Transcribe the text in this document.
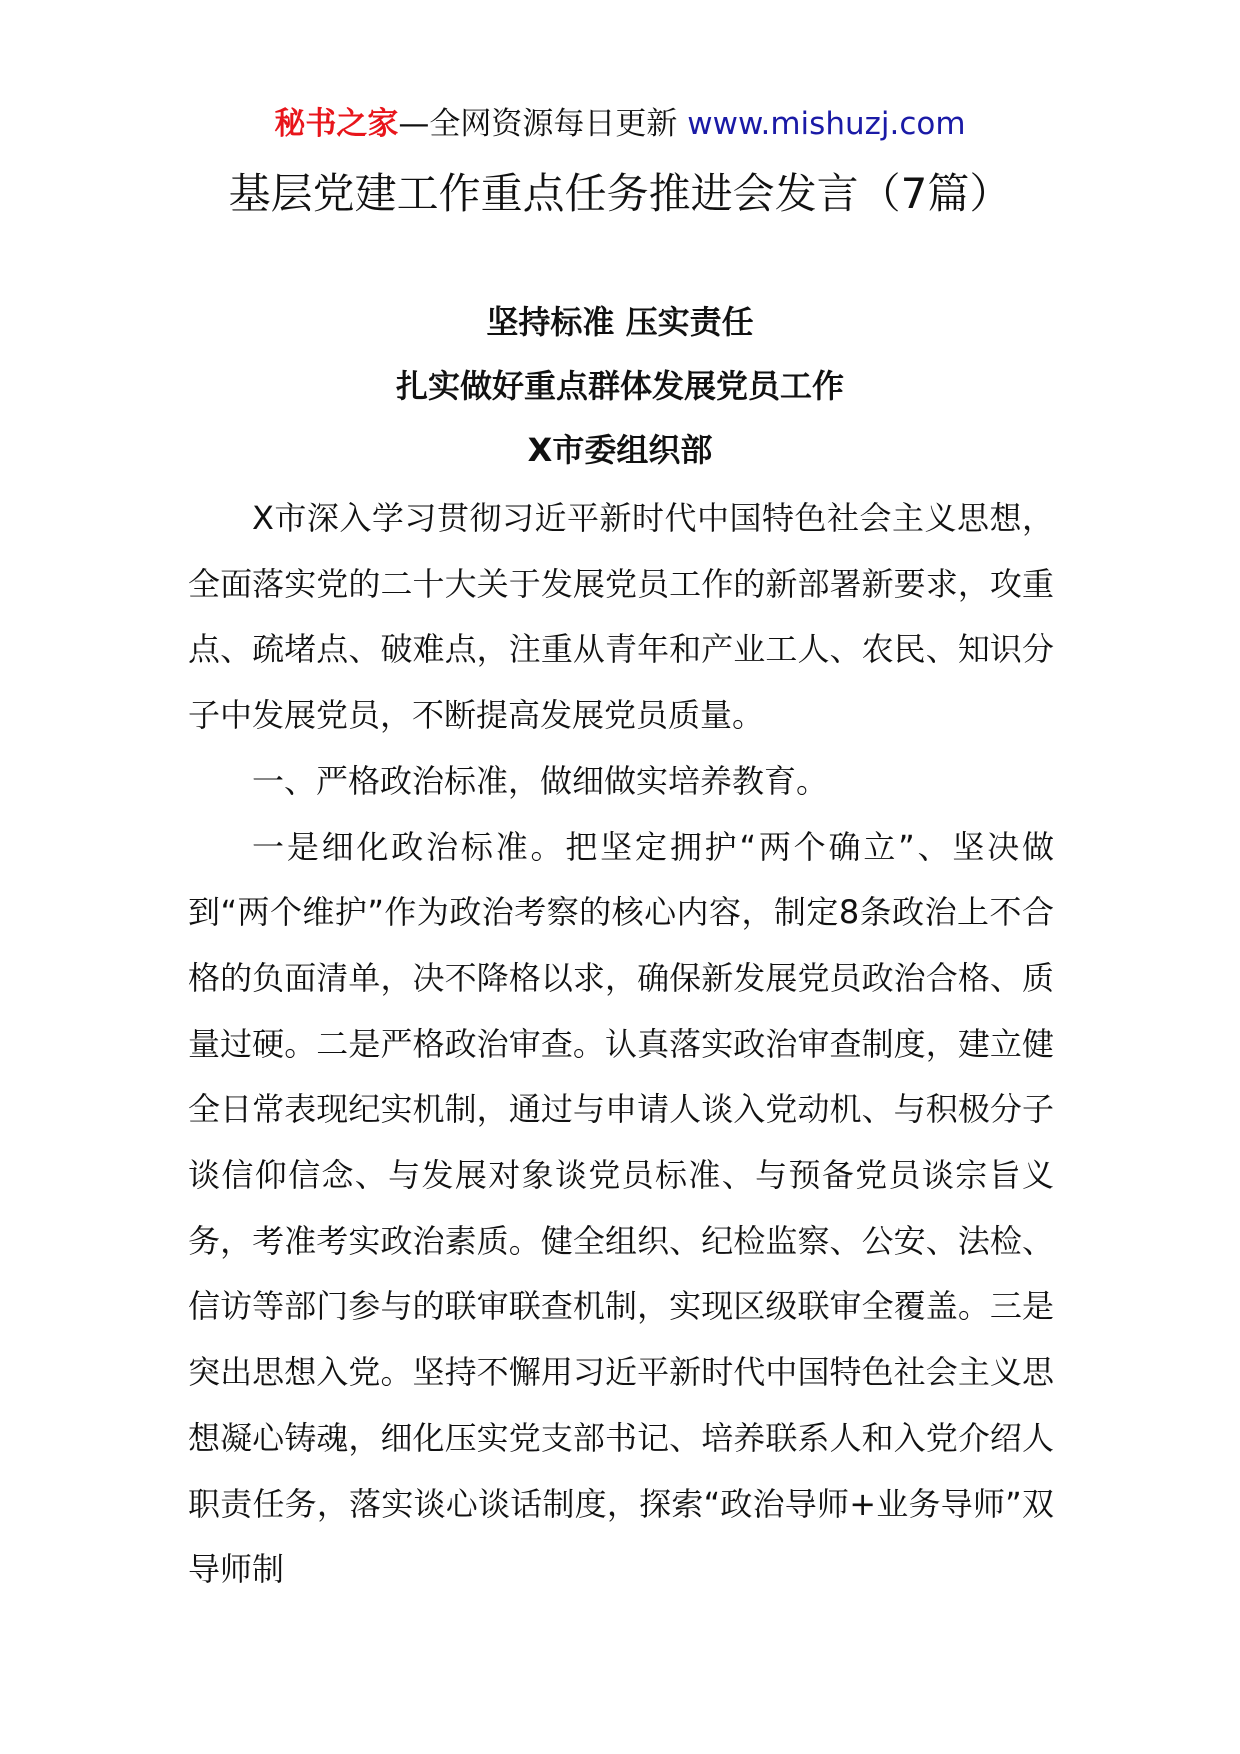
秘书之家—全网资源每日更新 www.mishuzj.com
基层党建工作重点任务推进会发言（7篇）
坚持标准 压实责任
扎实做好重点群体发展党员工作
X市委组织部

X市深入学习贯彻习近平新时代中国特色社会主义思想，全面落实党的二十大关于发展党员工作的新部署新要求，攻重点、疏堵点、破难点，注重从青年和产业工人、农民、知识分子中发展党员，不断提高发展党员质量。

一、严格政治标准，做细做实培养教育。

一是细化政治标准。把坚定拥护“两个确立”、坚决做到“两个维护”作为政治考察的核心内容，制定8条政治上不合格的负面清单，决不降格以求，确保新发展党员政治合格、质量过硬。二是严格政治审查。认真落实政治审查制度，建立健全日常表现纪实机制，通过与申请人谈入党动机、与积极分子谈信仰信念、与发展对象谈党员标准、与预备党员谈宗旨义务，考准考实政治素质。健全组织、纪检监察、公安、法检、信访等部门参与的联审联查机制，实现区级联审全覆盖。三是突出思想入党。坚持不懈用习近平新时代中国特色社会主义思想凝心铸魂，细化压实党支部书记、培养联系人和入党介绍人职责任务，落实谈心谈话制度，探索“政治导师+业务导师”双导师制
